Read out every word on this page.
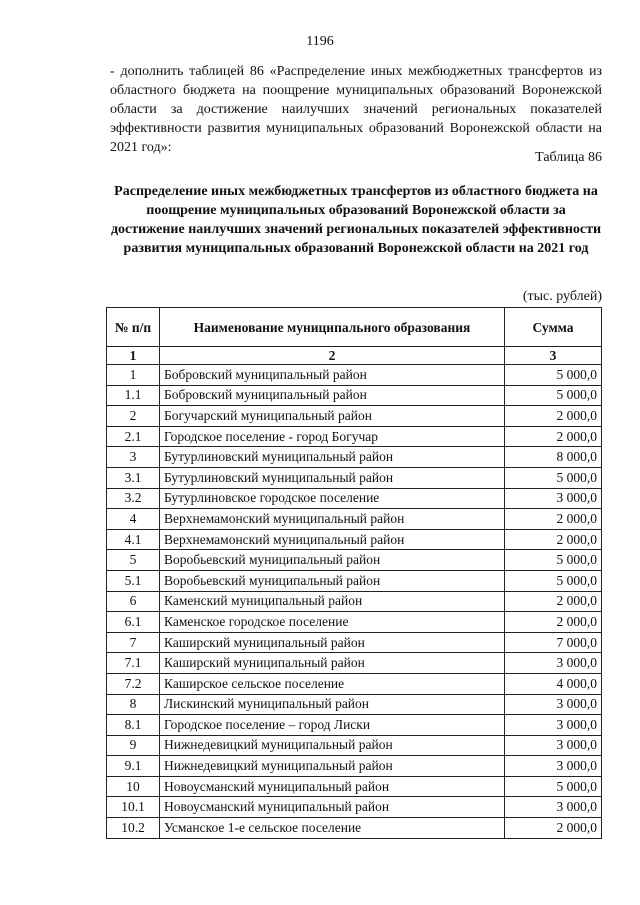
1196
- дополнить таблицей 86 «Распределение иных межбюджетных трансфертов из областного бюджета на поощрение муниципальных образований Воронежской области за достижение наилучших значений региональных показателей эффективности развития муниципальных образований Воронежской области на 2021 год»:
Таблица 86
Распределение иных межбюджетных трансфертов из областного бюджета на поощрение муниципальных образований Воронежской области за достижение наилучших значений региональных показателей эффективности развития муниципальных образований Воронежской области на 2021 год
(тыс. рублей)
№ п/п	Наименование муниципального образования	Сумма
1	2	3
1	Бобровский муниципальный район	5 000,0
1.1	Бобровский муниципальный район	5 000,0
2	Богучарский муниципальный район	2 000,0
2.1	Городское поселение - город Богучар	2 000,0
3	Бутурлиновский муниципальный район	8 000,0
3.1	Бутурлиновский муниципальный район	5 000,0
3.2	Бутурлиновское городское поселение	3 000,0
4	Верхнемамонский муниципальный район	2 000,0
4.1	Верхнемамонский муниципальный район	2 000,0
5	Воробьевский муниципальный район	5 000,0
5.1	Воробьевский муниципальный район	5 000,0
6	Каменский муниципальный район	2 000,0
6.1	Каменское городское поселение	2 000,0
7	Каширский муниципальный район	7 000,0
7.1	Каширский муниципальный район	3 000,0
7.2	Каширское сельское поселение	4 000,0
8	Лискинский муниципальный район	3 000,0
8.1	Городское поселение – город Лиски	3 000,0
9	Нижнедевицкий муниципальный район	3 000,0
9.1	Нижнедевицкий муниципальный район	3 000,0
10	Новоусманский муниципальный район	5 000,0
10.1	Новоусманский муниципальный район	3 000,0
10.2	Усманское 1-е сельское поселение	2 000,0
